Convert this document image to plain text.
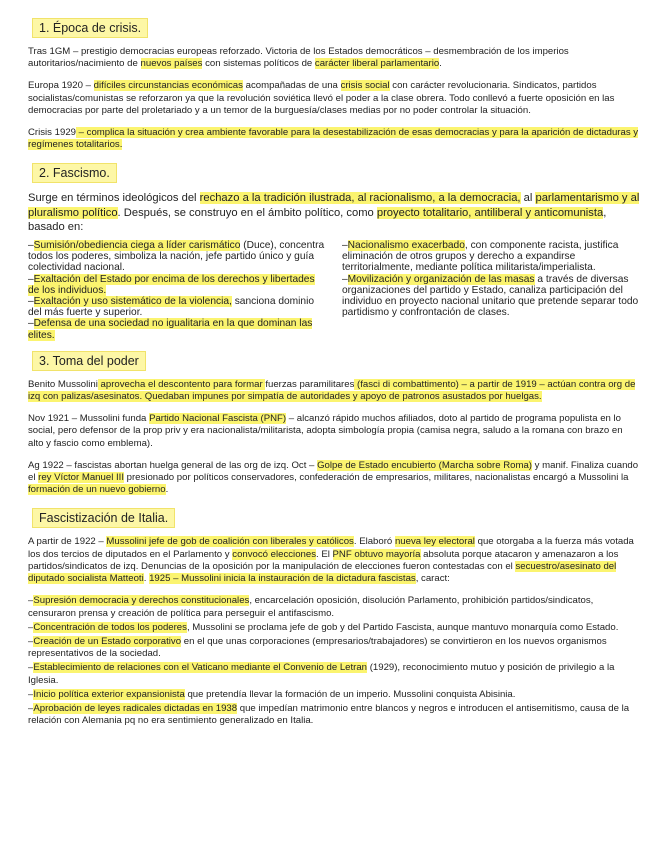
1. Época de crisis.

Tras 1GM – prestigio democracias europeas reforzado. Victoria de los Estados democráticos – desmembración de los imperios autoritarios/nacimiento de nuevos países con sistemas políticos de carácter liberal parlamentario.

Europa 1920 – difíciles circunstancias económicas acompañadas de una crisis social con carácter revolucionaria. Sindicatos, partidos socialistas/comunistas se reforzaron ya que la revolución soviética llevó el poder a la clase obrera. Todo conllevó a fuerte oposición en las democracias por parte del proletariado y a un temor de la burguesía/clases medias por no poder controlar la situación.

Crisis 1929 – complica la situación y crea ambiente favorable para la desestabilización de esas democracias y para la aparición de dictaduras y regímenes totalitarios.

2. Fascismo.

Surge en términos ideológicos del rechazo a la tradición ilustrada, al racionalismo, a la democracia, al parlamentarismo y al pluralismo político. Después, se construyo en el ámbito político, como proyecto totalitario, antiliberal y anticomunista, basado en:

–Sumisión/obediencia ciega a líder carismático (Duce), concentra todos los poderes, simboliza la nación, jefe partido único y guía colectividad nacional.

–Exaltación del Estado por encima de los derechos y libertades de los individuos.

–Exaltación y uso sistemático de la violencia, sanciona dominio del más fuerte y superior.

–Defensa de una sociedad no igualitaria en la que dominan las elites.

–Nacionalismo exacerbado, con componente racista, justifica eliminación de otros grupos y derecho a expandirse territorialmente, mediante política militarista/imperialista.

–Movilización y organización de las masas a través de diversas organizaciones del partido y Estado, canaliza participación del individuo en proyecto nacional unitario que pretende separar todo partidismo y confrontación de clases.

3. Toma del poder

Benito Mussolini aprovecha el descontento para formar fuerzas paramilitares (fasci di combattimento) – a partir de 1919 – actúan contra org de izq con palizas/asesinatos. Quedaban impunes por simpatía de autoridades y apoyo de patronos asustados por huelgas.

Nov 1921 – Mussolini funda Partido Nacional Fascista (PNF) – alcanzó rápido muchos afiliados, doto al partido de programa populista en lo social, pero defensor de la prop priv y era nacionalista/militarista, adopta simbología propia (camisa negra, saludo a la romana con brazo en alto y fascio como emblema).

Ag 1922 – fascistas abortan huelga general de las org de izq. Oct – Golpe de Estado encubierto (Marcha sobre Roma) y manif. Finaliza cuando el rey Víctor Manuel III presionado por políticos conservadores, confederación de empresarios, militares, nacionalistas encargó a Mussolini la formación de un nuevo gobierno.

Fascistización de Italia.

A partir de 1922 – Mussolini jefe de gob de coalición con liberales y católicos. Elaboró nueva ley electoral que otorgaba a la fuerza más votada los dos tercios de diputados en el Parlamento y convocó elecciones. El PNF obtuvo mayoría absoluta porque atacaron y amenazaron a los partidos/sindicatos de izq. Denuncias de la oposición por la manipulación de elecciones fueron contestadas con el secuestro/asesinato del diputado socialista Matteoti. 1925 – Mussolini inicia la instauración de la dictadura fascistas, caract:

–Supresión democracia y derechos constitucionales, encarcelación oposición, disolución Parlamento, prohibición partidos/sindicatos, censuraron prensa y creación de política para perseguir el antifascismo.

–Concentración de todos los poderes, Mussolini se proclama jefe de gob y del Partido Fascista, aunque mantuvo monarquía como Estado.

–Creación de un Estado corporativo en el que unas corporaciones (empresarios/trabajadores) se convirtieron en los nuevos organismos representativos de la sociedad.

–Establecimiento de relaciones con el Vaticano mediante el Convenio de Letran (1929), reconocimiento mutuo y posición de privilegio a la Iglesia.

–Inicio política exterior expansionista que pretendía llevar la formación de un imperio. Mussolini conquista Abisinia.

–Aprobación de leyes radicales dictadas en 1938 que impedían matrimonio entre blancos y negros e introducen el antisemitismo, causa de la relación con Alemania pq no era sentimiento generalizado en Italia.
